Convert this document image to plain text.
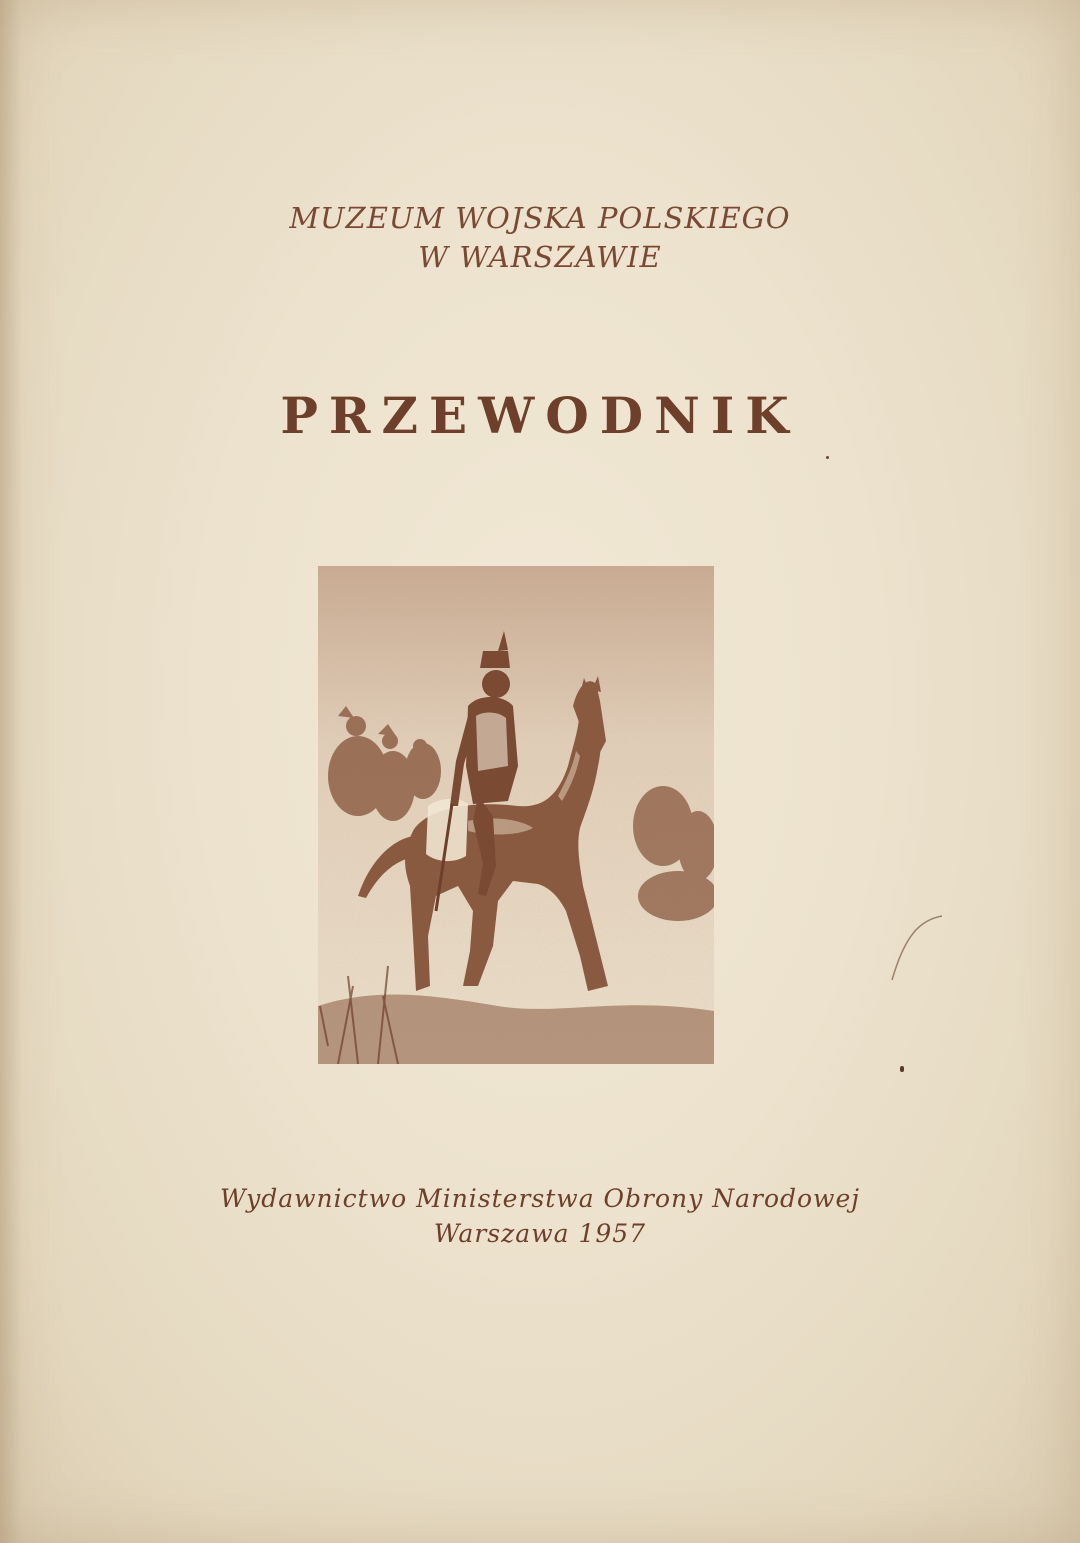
MUZEUM WOJSKA POLSKIEGO
W WARSZAWIE
PRZEWODNIK
Wydawnictwo Ministerstwa Obrony Narodowej
Warszawa 1957
